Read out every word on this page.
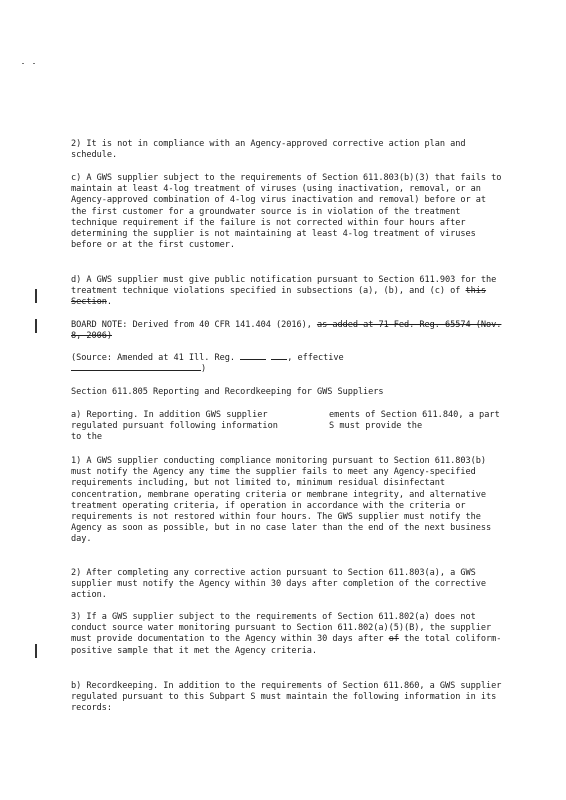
2) It is not in compliance with an Agency-approved corrective action plan and schedule.
c) A GWS supplier subject to the requirements of Section 611.803(b)(3) that fails to maintain at least 4-log treatment of viruses (using inactivation, removal, or an Agency-approved combination of 4-log virus inactivation and removal) before or at the first customer for a groundwater source is in violation of the treatment technique requirement if the failure is not corrected within four hours after determining the supplier is not maintaining at least 4-log treatment of viruses before or at the first customer.
d) A GWS supplier must give public notification pursuant to Section 611.903 for the treatment technique violations specified in subsections (a), (b), and (c) of this Section.
BOARD NOTE: Derived from 40 CFR 141.404 (2016), as added at 71 Fed. Reg. 65574 (Nov. 8, 2006)
(Source: Amended at 41 Ill. Reg.	, effective
)
Section 611.805 Reporting and Recordkeeping for GWS Suppliers
a) Reporting. In addition GWS supplier regulated pursuant following information to the
ements of Section 611.840, a part S must provide the
1) A GWS supplier conducting compliance monitoring pursuant to Section 611.803(b) must notify the Agency any time the supplier fails to meet any Agency-specified requirements including, but not limited to, minimum residual disinfectant concentration, membrane operating criteria or membrane integrity, and alternative treatment operating criteria, if operation in accordance with the criteria or requirements is not restored within four hours. The GWS supplier must notify the Agency as soon as possible, but in no case later than the end of the next business day.
2) After completing any corrective action pursuant to Section 611.803(a), a GWS supplier must notify the Agency within 30 days after completion of the corrective action.
3) If a GWS supplier subject to the requirements of Section 611.802(a) does not conduct source water monitoring pursuant to Section 611.802(a)(5)(B), the supplier must provide documentation to the Agency within 30 days after of the total coliform-positive sample that it met the Agency criteria.
b) Recordkeeping. In addition to the requirements of Section 611.860, a GWS supplier regulated pursuant to this Subpart S must maintain the following information in its records:
